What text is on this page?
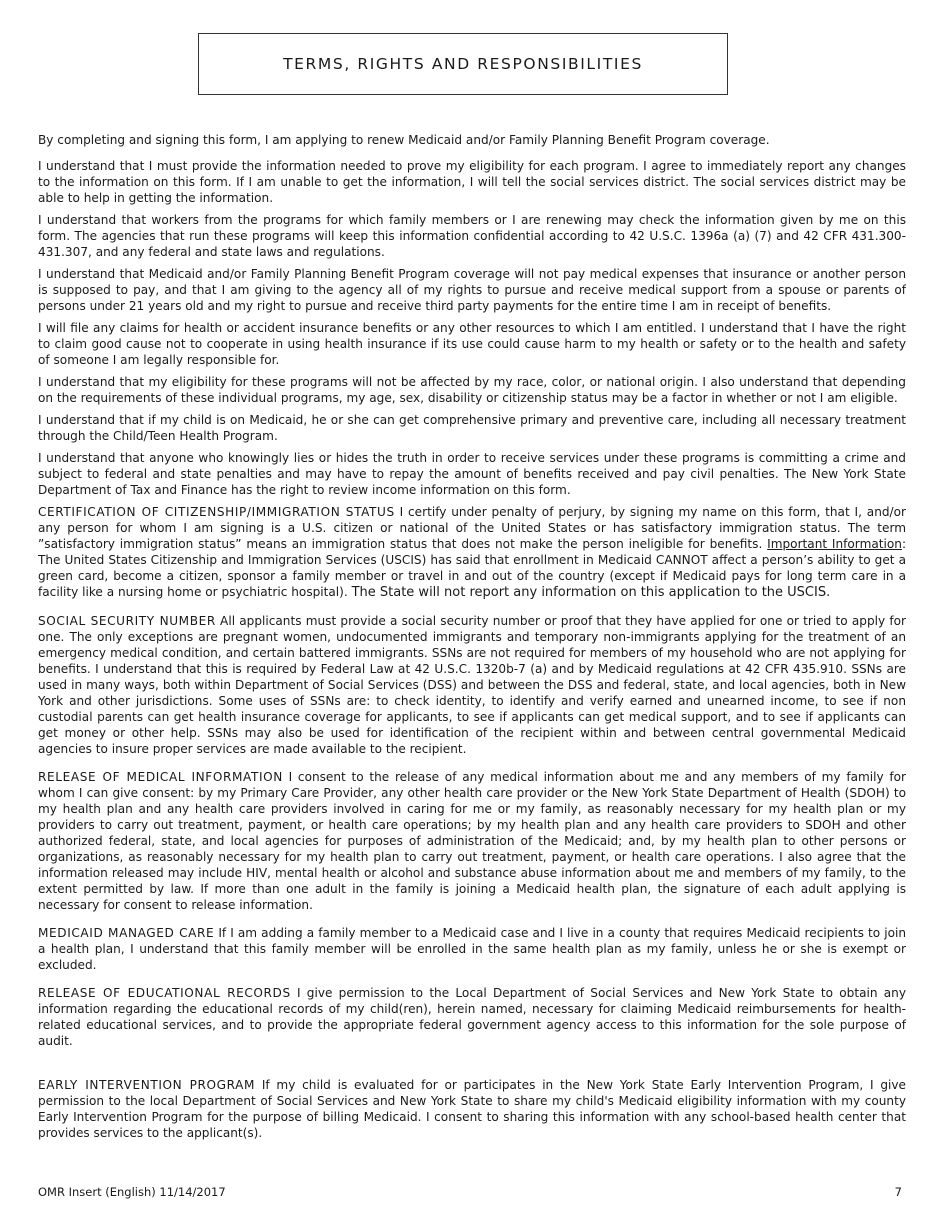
TERMS, RIGHTS AND RESPONSIBILITIES

By completing and signing this form, I am applying to renew Medicaid and/or Family Planning Benefit Program coverage.

I understand that I must provide the information needed to prove my eligibility for each program. I agree to immediately report any changes to the information on this form. If I am unable to get the information, I will tell the social services district. The social services district may be able to help in getting the information.

I understand that workers from the programs for which family members or I are renewing may check the information given by me on this form. The agencies that run these programs will keep this information confidential according to 42 U.S.C. 1396a (a) (7) and 42 CFR 431.300-431.307, and any federal and state laws and regulations.

I understand that Medicaid and/or Family Planning Benefit Program coverage will not pay medical expenses that insurance or another person is supposed to pay, and that I am giving to the agency all of my rights to pursue and receive medical support from a spouse or parents of persons under 21 years old and my right to pursue and receive third party payments for the entire time I am in receipt of benefits.

I will file any claims for health or accident insurance benefits or any other resources to which I am entitled. I understand that I have the right to claim good cause not to cooperate in using health insurance if its use could cause harm to my health or safety or to the health and safety of someone I am legally responsible for.

I understand that my eligibility for these programs will not be affected by my race, color, or national origin. I also understand that depending on the requirements of these individual programs, my age, sex, disability or citizenship status may be a factor in whether or not I am eligible.

I understand that if my child is on Medicaid, he or she can get comprehensive primary and preventive care, including all necessary treatment through the Child/Teen Health Program.

I understand that anyone who knowingly lies or hides the truth in order to receive services under these programs is committing a crime and subject to federal and state penalties and may have to repay the amount of benefits received and pay civil penalties. The New York State Department of Tax and Finance has the right to review income information on this form.

CERTIFICATION OF CITIZENSHIP/IMMIGRATION STATUS I certify under penalty of perjury, by signing my name on this form, that I, and/or any person for whom I am signing is a U.S. citizen or national of the United States or has satisfactory immigration status. The term ”satisfactory immigration status” means an immigration status that does not make the person ineligible for benefits. Important Information: The United States Citizenship and Immigration Services (USCIS) has said that enrollment in Medicaid CANNOT affect a person’s ability to get a green card, become a citizen, sponsor a family member or travel in and out of the country (except if Medicaid pays for long term care in a facility like a nursing home or psychiatric hospital). The State will not report any information on this application to the USCIS.

SOCIAL SECURITY NUMBER All applicants must provide a social security number or proof that they have applied for one or tried to apply for one. The only exceptions are pregnant women, undocumented immigrants and temporary non-immigrants applying for the treatment of an emergency medical condition, and certain battered immigrants. SSNs are not required for members of my household who are not applying for benefits. I understand that this is required by Federal Law at 42 U.S.C. 1320b-7 (a) and by Medicaid regulations at 42 CFR 435.910. SSNs are used in many ways, both within Department of Social Services (DSS) and between the DSS and federal, state, and local agencies, both in New York and other jurisdictions. Some uses of SSNs are: to check identity, to identify and verify earned and unearned income, to see if non custodial parents can get health insurance coverage for applicants, to see if applicants can get medical support, and to see if applicants can get money or other help. SSNs may also be used for identification of the recipient within and between central governmental Medicaid agencies to insure proper services are made available to the recipient.

RELEASE OF MEDICAL INFORMATION I consent to the release of any medical information about me and any members of my family for whom I can give consent: by my Primary Care Provider, any other health care provider or the New York State Department of Health (SDOH) to my health plan and any health care providers involved in caring for me or my family, as reasonably necessary for my health plan or my providers to carry out treatment, payment, or health care operations; by my health plan and any health care providers to SDOH and other authorized federal, state, and local agencies for purposes of administration of the Medicaid; and, by my health plan to other persons or organizations, as reasonably necessary for my health plan to carry out treatment, payment, or health care operations. I also agree that the information released may include HIV, mental health or alcohol and substance abuse information about me and members of my family, to the extent permitted by law. If more than one adult in the family is joining a Medicaid health plan, the signature of each adult applying is necessary for consent to release information.

MEDICAID MANAGED CARE If I am adding a family member to a Medicaid case and I live in a county that requires Medicaid recipients to join a health plan, I understand that this family member will be enrolled in the same health plan as my family, unless he or she is exempt or excluded.

RELEASE OF EDUCATIONAL RECORDS I give permission to the Local Department of Social Services and New York State to obtain any information regarding the educational records of my child(ren), herein named, necessary for claiming Medicaid reimbursements for health-related educational services, and to provide the appropriate federal government agency access to this information for the sole purpose of audit.

EARLY INTERVENTION PROGRAM If my child is evaluated for or participates in the New York State Early Intervention Program, I give permission to the local Department of Social Services and New York State to share my child's Medicaid eligibility information with my county Early Intervention Program for the purpose of billing Medicaid. I consent to sharing this information with any school-based health center that provides services to the applicant(s).

OMR Insert (English) 11/14/2017	7
